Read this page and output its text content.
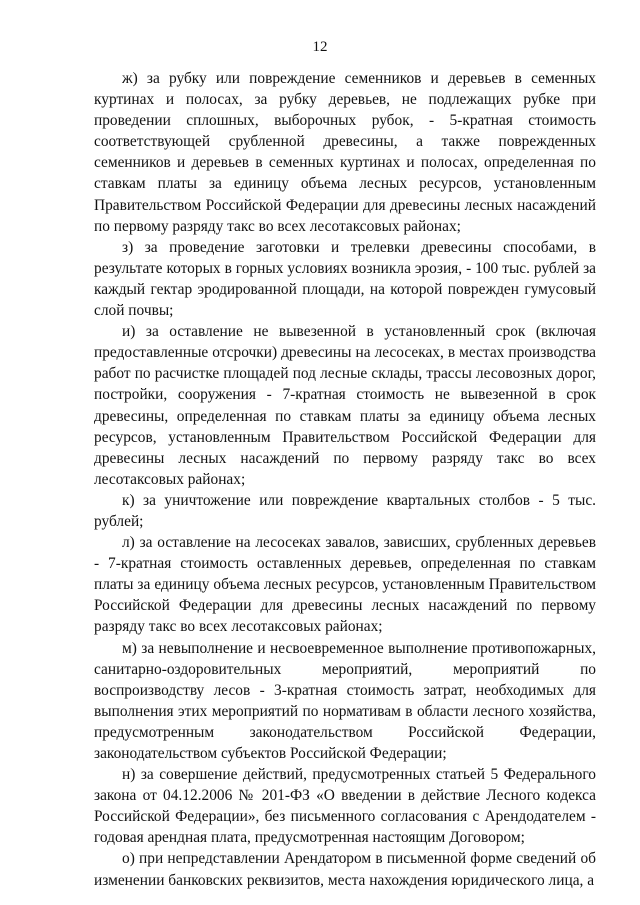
12

ж) за рубку или повреждение семенников и деревьев в семенных куртинах и полосах, за рубку деревьев, не подлежащих рубке при проведении сплошных, выборочных рубок, - 5-кратная стоимость соответствующей срубленной древесины, а также поврежденных семенников и деревьев в семенных куртинах и полосах, определенная по ставкам платы за единицу объема лесных ресурсов, установленным Правительством Российской Федерации для древесины лесных насаждений по первому разряду такс во всех лесотаксовых районах;

з) за проведение заготовки и трелевки древесины способами, в результате которых в горных условиях возникла эрозия, - 100 тыс. рублей за каждый гектар эродированной площади, на которой поврежден гумусовый слой почвы;

и) за оставление не вывезенной в установленный срок (включая предоставленные отсрочки) древесины на лесосеках, в местах производства работ по расчистке площадей под лесные склады, трассы лесовозных дорог, постройки, сооружения - 7-кратная стоимость не вывезенной в срок древесины, определенная по ставкам платы за единицу объема лесных ресурсов, установленным Правительством Российской Федерации для древесины лесных насаждений по первому разряду такс во всех лесотаксовых районах;

к) за уничтожение или повреждение квартальных столбов - 5 тыс. рублей;

л) за оставление на лесосеках завалов, зависших, срубленных деревьев - 7-кратная стоимость оставленных деревьев, определенная по ставкам платы за единицу объема лесных ресурсов, установленным Правительством Российской Федерации для древесины лесных насаждений по первому разряду такс во всех лесотаксовых районах;

м) за невыполнение и несвоевременное выполнение противопожарных, санитарно-оздоровительных мероприятий, мероприятий по воспроизводству лесов - 3-кратная стоимость затрат, необходимых для выполнения этих мероприятий по нормативам в области лесного хозяйства, предусмотренным законодательством Российской Федерации, законодательством субъектов Российской Федерации;

н) за совершение действий, предусмотренных статьей 5 Федерального закона от 04.12.2006 № 201-ФЗ «О введении в действие Лесного кодекса Российской Федерации», без письменного согласования с Арендодателем - годовая арендная плата, предусмотренная настоящим Договором;

о) при непредставлении Арендатором в письменной форме сведений об изменении банковских реквизитов, места нахождения юридического лица, а
